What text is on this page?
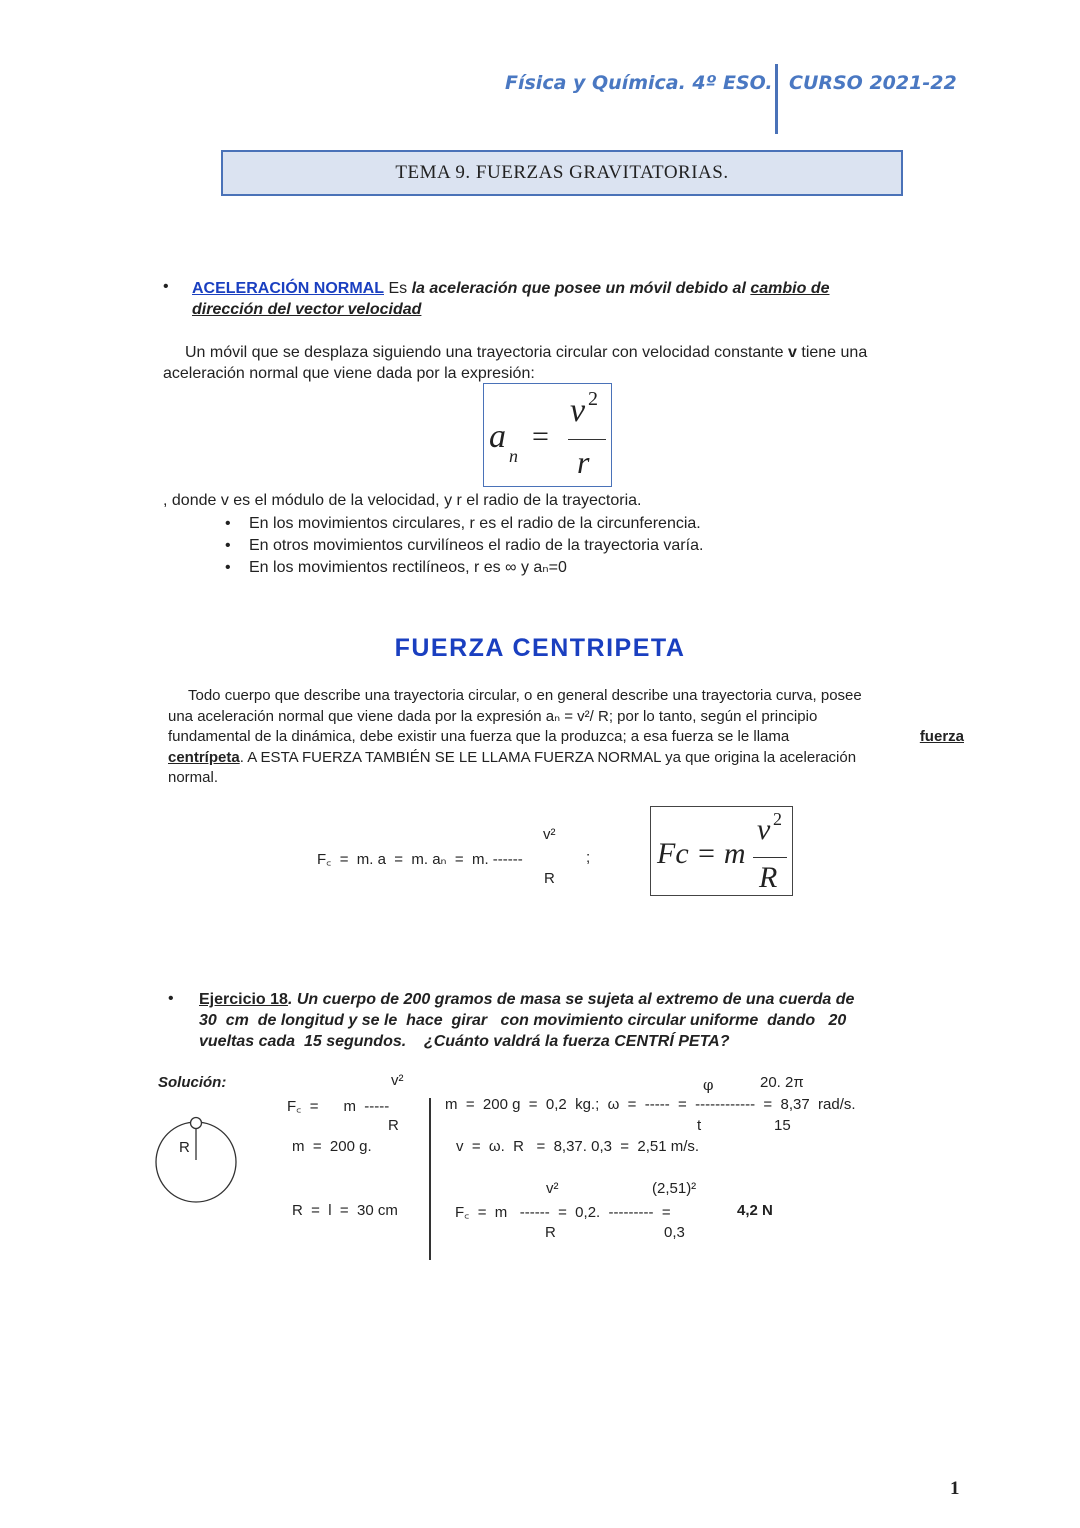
Física y Química. 4º ESO. CURSO 2021-22
TEMA 9. FUERZAS GRAVITATORIAS.
• ACELERACIÓN NORMAL Es la aceleración que posee un móvil debido al cambio de
dirección del vector velocidad
Un móvil que se desplaza siguiendo una trayectoria circular con velocidad constante v tiene una
aceleración normal que viene dada por la expresión:
a
n
=
v 2
r
, donde v es el módulo de la velocidad, y r el radio de la trayectoria.
• En los movimientos circulares, r es el radio de la circunferencia.
• En otros movimientos curvilíneos el radio de la trayectoria varía.
• En los movimientos rectilíneos, r es ∞ y aₙ=0
FUERZA CENTRIPETA
Todo cuerpo que describe una trayectoria circular, o en general describe una trayectoria curva, posee
una aceleración normal que viene dada por la expresión aₙ = v²/ R; por lo tanto, según el principio
fundamental de la dinámica, debe existir una fuerza que la produzca; a esa fuerza se le llama	fuerza
centrípeta. A ESTA FUERZA TAMBIÉN SE LE LLAMA FUERZA NORMAL ya que origina la aceleración
normal.
v²
F꜀  =  m. a  =  m. aₙ  =  m. ------	;
R
Fc = m
v 2
R
• Ejercicio 18. Un cuerpo de 200 gramos de masa se sujeta al extremo de una cuerda de
30  cm  de longitud y se le  hace  girar   con movimiento circular uniforme  dando   20
vueltas cada  15 segundos.    ¿Cuánto valdrá la fuerza CENTRÍ PETA?
Solución:
R
v²
F꜀  =      m  -----
R
m  =  200 g.
R  =  l  =  30 cm
φ	20. 2π
m  =  200 g  =  0,2  kg.;  ω  =  -----  =  ------------  =  8,37  rad/s.
t	15
v  =  ω.  R   =  8,37. 0,3  =  2,51 m/s.
v²	(2,51)²
F꜀  =  m   ------  =  0,2.  ---------  =	4,2 N
R	0,3
1
